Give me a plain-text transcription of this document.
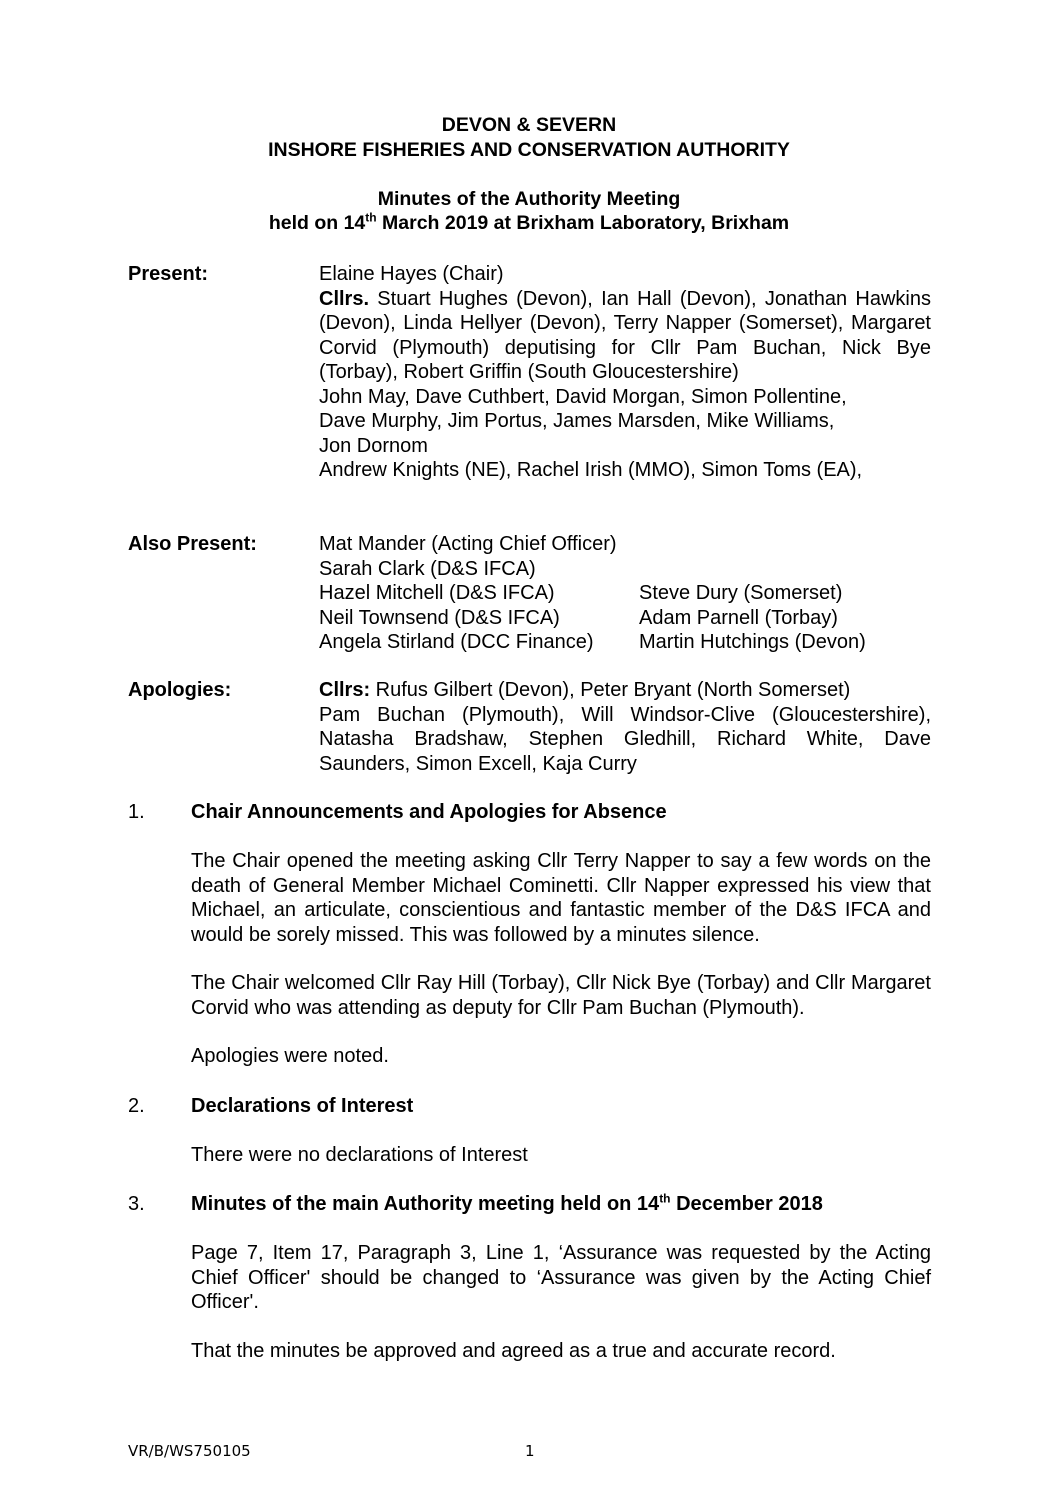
DEVON & SEVERN
INSHORE FISHERIES AND CONSERVATION AUTHORITY
Minutes of the Authority Meeting
held on 14th March 2019 at Brixham Laboratory, Brixham
Present:	Elaine Hayes (Chair)

Cllrs. Stuart Hughes (Devon), Ian Hall (Devon), Jonathan Hawkins (Devon), Linda Hellyer (Devon), Terry Napper (Somerset), Margaret Corvid (Plymouth) deputising for Cllr Pam Buchan, Nick Bye (Torbay), Robert Griffin (South Gloucestershire)

John May, Dave Cuthbert, David Morgan, Simon Pollentine,

Dave Murphy, Jim Portus, James Marsden, Mike Williams,

Jon Dornom

Andrew Knights (NE), Rachel Irish (MMO), Simon Toms (EA),

Also Present:	Mat Mander (Acting Chief Officer)
Sarah Clark (D&S IFCA)
Hazel Mitchell (D&S IFCA)	Steve Dury (Somerset)
Neil Townsend (D&S IFCA)	Adam Parnell (Torbay)
Angela Stirland (DCC Finance)	Martin Hutchings (Devon)
Apologies:	Cllrs: Rufus Gilbert (Devon), Peter Bryant (North Somerset)

Pam Buchan (Plymouth), Will Windsor-Clive (Gloucestershire), Natasha Bradshaw, Stephen Gledhill, Richard White, Dave Saunders, Simon Excell, Kaja Curry

1. Chair Announcements and Apologies for Absence
The Chair opened the meeting asking Cllr Terry Napper to say a few words on the death of General Member Michael Cominetti. Cllr Napper expressed his view that Michael, an articulate, conscientious and fantastic member of the D&S IFCA and would be sorely missed. This was followed by a minutes silence.
The Chair welcomed Cllr Ray Hill (Torbay), Cllr Nick Bye (Torbay) and Cllr Margaret Corvid who was attending as deputy for Cllr Pam Buchan (Plymouth).
Apologies were noted.
2. Declarations of Interest
There were no declarations of Interest
3. Minutes of the main Authority meeting held on 14th December 2018
Page 7, Item 17, Paragraph 3, Line 1, ‘Assurance was requested by the Acting Chief Officer' should be changed to ‘Assurance was given by the Acting Chief Officer'.
That the minutes be approved and agreed as a true and accurate record.
VR/B/WS750105	1
